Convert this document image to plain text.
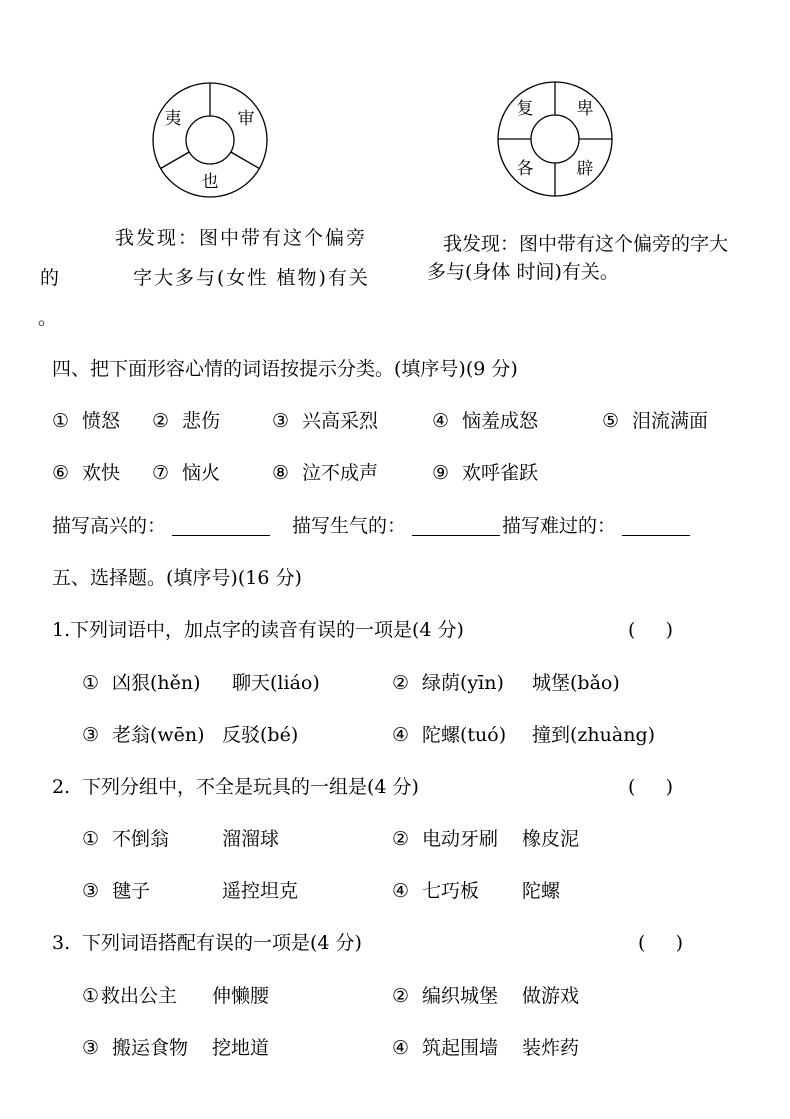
夷	审
也
复	卑
各	辟
我发现：图中带有这个偏旁
的	字大多与(女性 植物)有关
。
我发现：图中带有这个偏旁的字大
多与(身体 时间)有关。
四、把下面形容心情的词语按提示分类。(填序号)(9 分)
① 愤怒 ② 悲伤	③ 兴高采烈	④ 恼羞成怒	⑤ 泪流满面
⑥ 欢快 ⑦ 恼火	⑧ 泣不成声	⑨ 欢呼雀跃
描写高兴的：	描写生气的：	描写难过的：
五、选择题。(填序号)(16 分)
1. 下列词语中，加点字的读音有误的一项是(4 分)	(     )
① 凶狠(hěn) 聊天(liáo)	② 绿荫(yīn) 城堡(bǎo)
③ 老翁(wēn) 反驳(bé)	④ 陀螺(tuó) 撞到(zhuàng)
2. 下列分组中，不全是玩具的一组是(4 分)	(     )
① 不倒翁	溜溜球	② 电动牙刷 橡皮泥
③ 毽子	遥控坦克	④ 七巧板 陀螺
3. 下列词语搭配有误的一项是(4 分)	(     )
① 救出公主 伸懒腰	② 编织城堡 做游戏
③ 搬运食物 挖地道	④ 筑起围墙 装炸药
